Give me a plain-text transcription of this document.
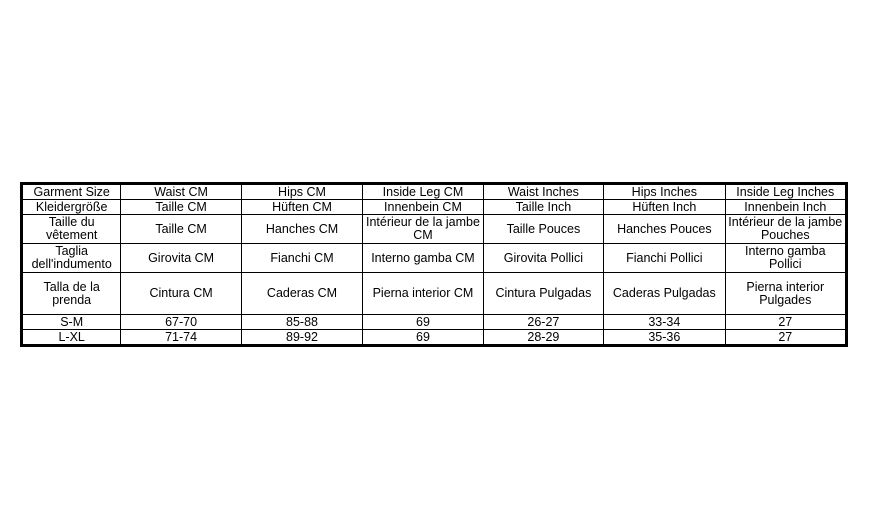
Garment Size	Waist CM	Hips CM	Inside Leg CM	Waist Inches	Hips Inches	Inside Leg Inches
Kleidergröße	Taille CM	Hüften CM	Innenbein CM	Taille Inch	Hüften Inch	Innenbein Inch
Taille du vêtement	Taille CM	Hanches CM	Intérieur de la jambe CM	Taille Pouces	Hanches Pouces	Intérieur de la jambe Pouches
Taglia dell'indumento	Girovita CM	Fianchi CM	Interno gamba CM	Girovita Pollici	Fianchi Pollici	Interno gamba Pollici
Talla de la prenda	Cintura CM	Caderas CM	Pierna interior CM	Cintura Pulgadas	Caderas Pulgadas	Pierna interior Pulgades
S-M	67-70	85-88	69	26-27	33-34	27
L-XL	71-74	89-92	69	28-29	35-36	27
